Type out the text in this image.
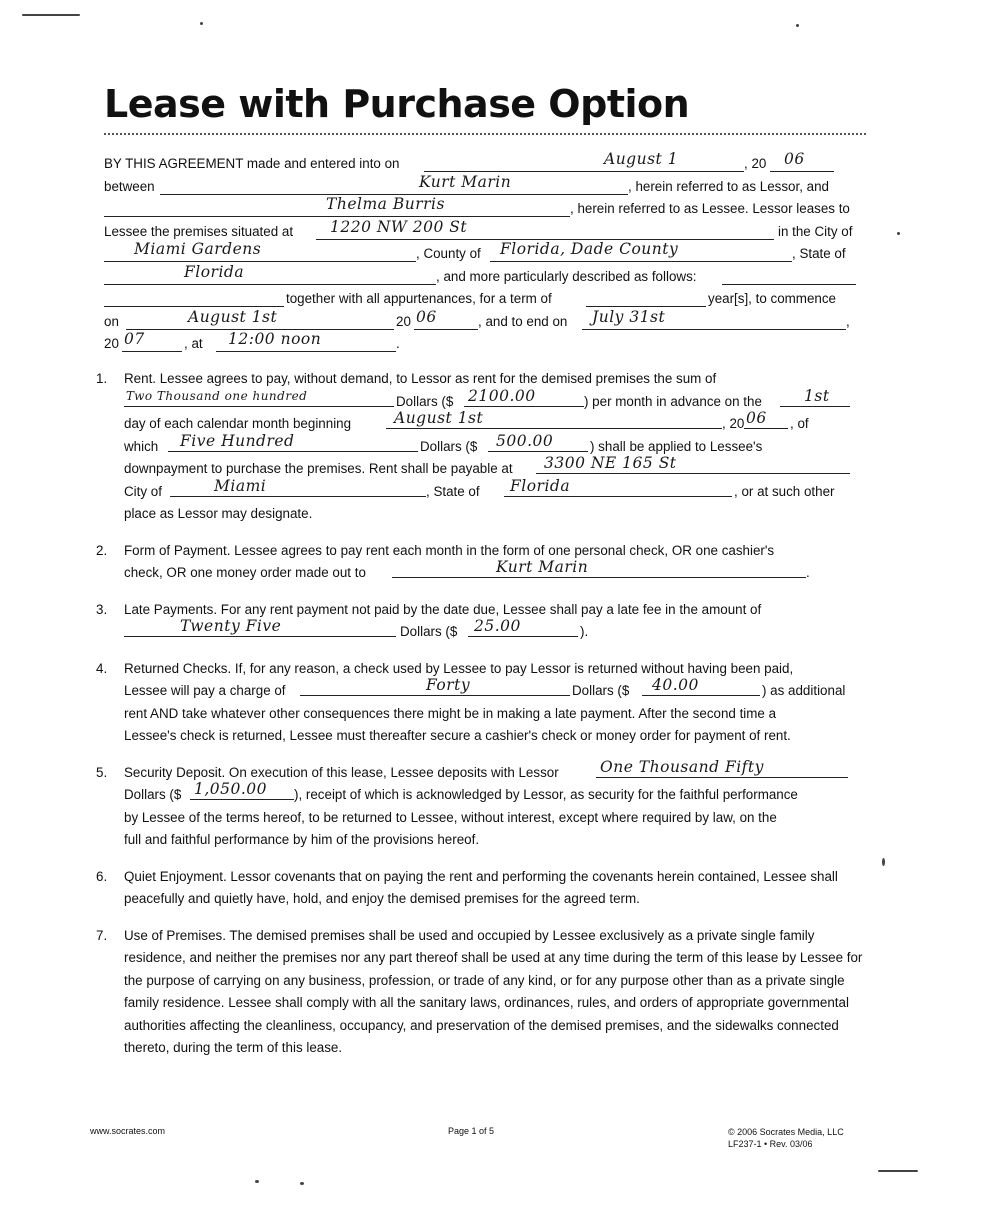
Lease with Purchase Option
BY THIS AGREEMENT made and entered into on	August 1	, 20 06
between	Kurt Marin	, herein referred to as Lessor, and
Thelma Burris	, herein referred to as Lessee. Lessor leases to
Lessee the premises situated at 1220 NW 200 St	in the City of
Miami Gardens	, County of Florida, Dade County	, State of
Florida	, and more particularly described as follows:
together with all appurtenances, for a term of	year[s], to commence
on	August 1st	20 06	, and to end on July 31st	,
20 07	, at 12:00 noon	.
1. Rent. Lessee agrees to pay, without demand, to Lessor as rent for the demised premises the sum of
Two Thousand one hundred	Dollars ($ 2100.00	) per month in advance on the	1st
day of each calendar month beginning	August 1st	, 20 06 , of
which Five Hundred	Dollars ($ 500.00	) shall be applied to Lessee's
downpayment to purchase the premises. Rent shall be payable at 3300 NE 165 St
City of	Miami	, State of Florida	, or at such other
place as Lessor may designate.
2. Form of Payment. Lessee agrees to pay rent each month in the form of one personal check, OR one cashier's
check, OR one money order made out to	Kurt Marin	.
3. Late Payments. For any rent payment not paid by the date due, Lessee shall pay a late fee in the amount of
Twenty Five	Dollars ($ 25.00	).
4. Returned Checks. If, for any reason, a check used by Lessee to pay Lessor is returned without having been paid,
Lessee will pay a charge of	Forty	Dollars ($ 40.00	) as additional
rent AND take whatever other consequences there might be in making a late payment. After the second time a
Lessee's check is returned, Lessee must thereafter secure a cashier's check or money order for payment of rent.
5. Security Deposit. On execution of this lease, Lessee deposits with Lessor	One Thousand Fifty
Dollars ($ 1,050.00 ), receipt of which is acknowledged by Lessor, as security for the faithful performance
by Lessee of the terms hereof, to be returned to Lessee, without interest, except where required by law, on the
full and faithful performance by him of the provisions hereof.
6. Quiet Enjoyment. Lessor covenants that on paying the rent and performing the covenants herein contained, Lessee shall peacefully and quietly have, hold, and enjoy the demised premises for the agreed term.
7. Use of Premises. The demised premises shall be used and occupied by Lessee exclusively as a private single family residence, and neither the premises nor any part thereof shall be used at any time during the term of this lease by Lessee for the purpose of carrying on any business, profession, or trade of any kind, or for any purpose other than as a private single family residence. Lessee shall comply with all the sanitary laws, ordinances, rules, and orders of appropriate governmental authorities affecting the cleanliness, occupancy, and preservation of the demised premises, and the sidewalks connected thereto, during the term of this lease.
www.socrates.com	Page 1 of 5	© 2006 Socrates Media, LLC
LF237-1 • Rev. 03/06
